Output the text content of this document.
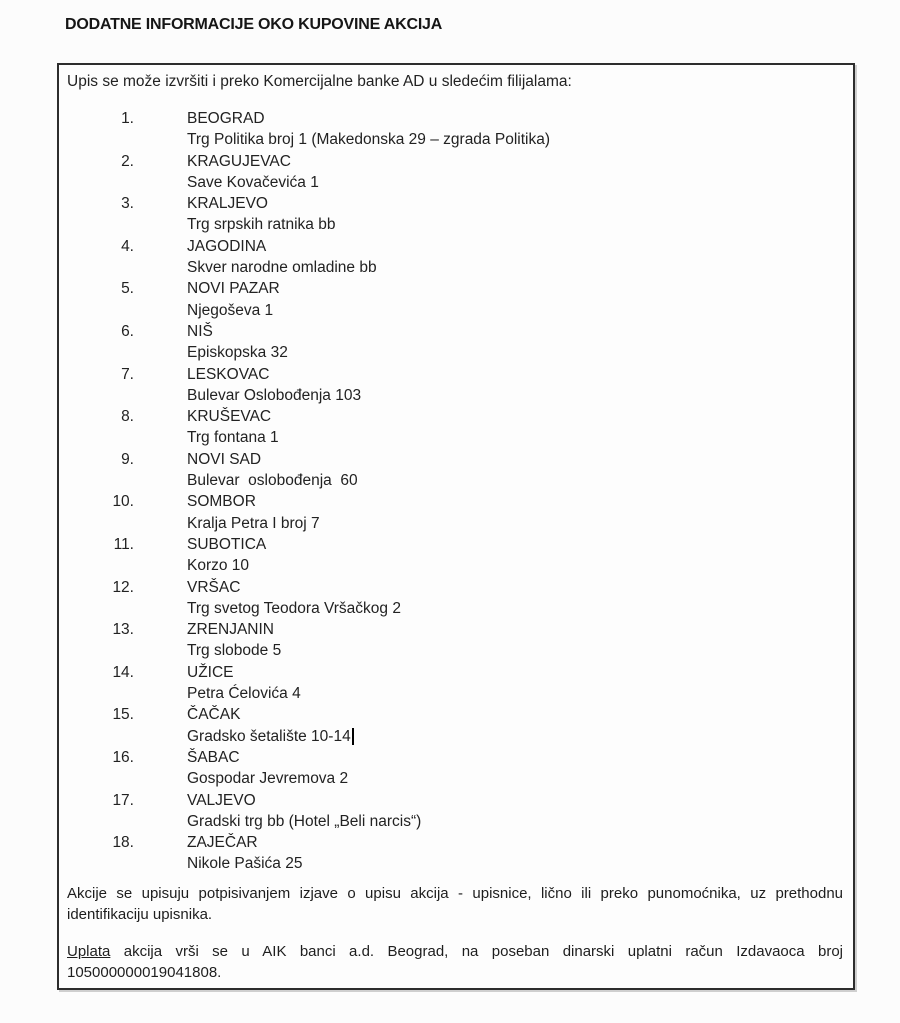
DODATNE INFORMACIJE OKO KUPOVINE AKCIJA
Upis se može izvršiti i preko Komercijalne banke AD u sledećim filijalama:
1.	BEOGRAD
Trg Politika broj 1 (Makedonska 29 – zgrada Politika)
2.	KRAGUJEVAC
Save Kovačevića 1
3.	KRALJEVO
Trg srpskih ratnika bb
4.	JAGODINA
Skver narodne omladine bb
5.	NOVI PAZAR
Njegoševa 1
6.	NIŠ
Episkopska 32
7.	LESKOVAC
Bulevar Oslobođenja 103
8.	KRUŠEVAC
Trg fontana 1
9.	NOVI SAD
Bulevar  oslobođenja  60
10.	SOMBOR
Kralja Petra I broj 7
11.	SUBOTICA
Korzo 10
12.	VRŠAC
Trg svetog Teodora Vršačkog 2
13.	ZRENJANIN
Trg slobode 5
14.	UŽICE
Petra Ćelovića 4
15.	ČAČAK
Gradsko šetalište 10-14
16.	ŠABAC
Gospodar Jevremova 2
17.	VALJEVO
Gradski trg bb (Hotel „Beli narcis“)
18.	ZAJEČAR
Nikole Pašića 25
Akcije se upisuju potpisivanjem izjave o upisu akcija - upisnice, lično ili preko punomoćnika, uz prethodnu identifikaciju upisnika.
Uplata akcija vrši se u AIK banci a.d. Beograd, na poseban dinarski uplatni račun Izdavaoca broj 105000000019041808.
